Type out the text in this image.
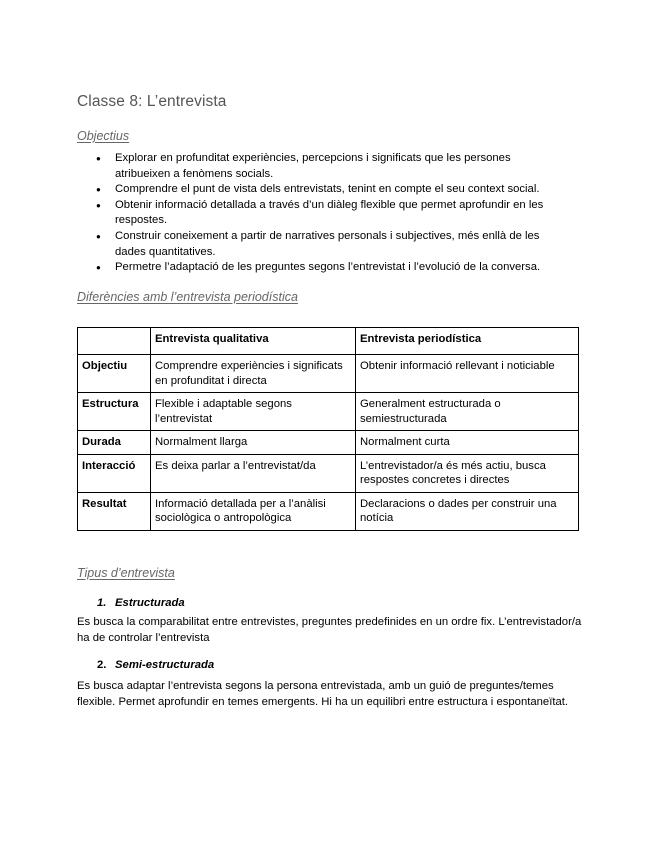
Classe 8: L’entrevista
Objectius
● Explorar en profunditat experiències, percepcions i significats que les persones atribueixen a fenòmens socials.
● Comprendre el punt de vista dels entrevistats, tenint en compte el seu context social.
● Obtenir informació detallada a través d’un diàleg flexible que permet aprofundir en les respostes.
● Construir coneixement a partir de narratives personals i subjectives, més enllà de les dades quantitatives.
● Permetre l’adaptació de les preguntes segons l’entrevistat i l’evolució de la conversa.
Diferències amb l’entrevista periodística
	Entrevista qualitativa	Entrevista periodística
Objectiu	Comprendre experiències i significats en profunditat i directa	Obtenir informació rellevant i noticiable
Estructura	Flexible i adaptable segons l’entrevistat	Generalment estructurada o semiestructurada
Durada	Normalment llarga	Normalment curta
Interacció	Es deixa parlar a l’entrevistat/da	L’entrevistador/a és més actiu, busca respostes concretes i directes
Resultat	Informació detallada per a l’anàlisi sociològica o antropològica	Declaracions o dades per construir una notícia
Tipus d’entrevista
1. Estructurada
Es busca la comparabilitat entre entrevistes, preguntes predefinides en un ordre fix. L’entrevistador/a ha de controlar l’entrevista
2. Semi-estructurada
Es busca adaptar l’entrevista segons la persona entrevistada, amb un guió de preguntes/temes flexible. Permet aprofundir en temes emergents. Hi ha un equilibri entre estructura i espontaneïtat.
